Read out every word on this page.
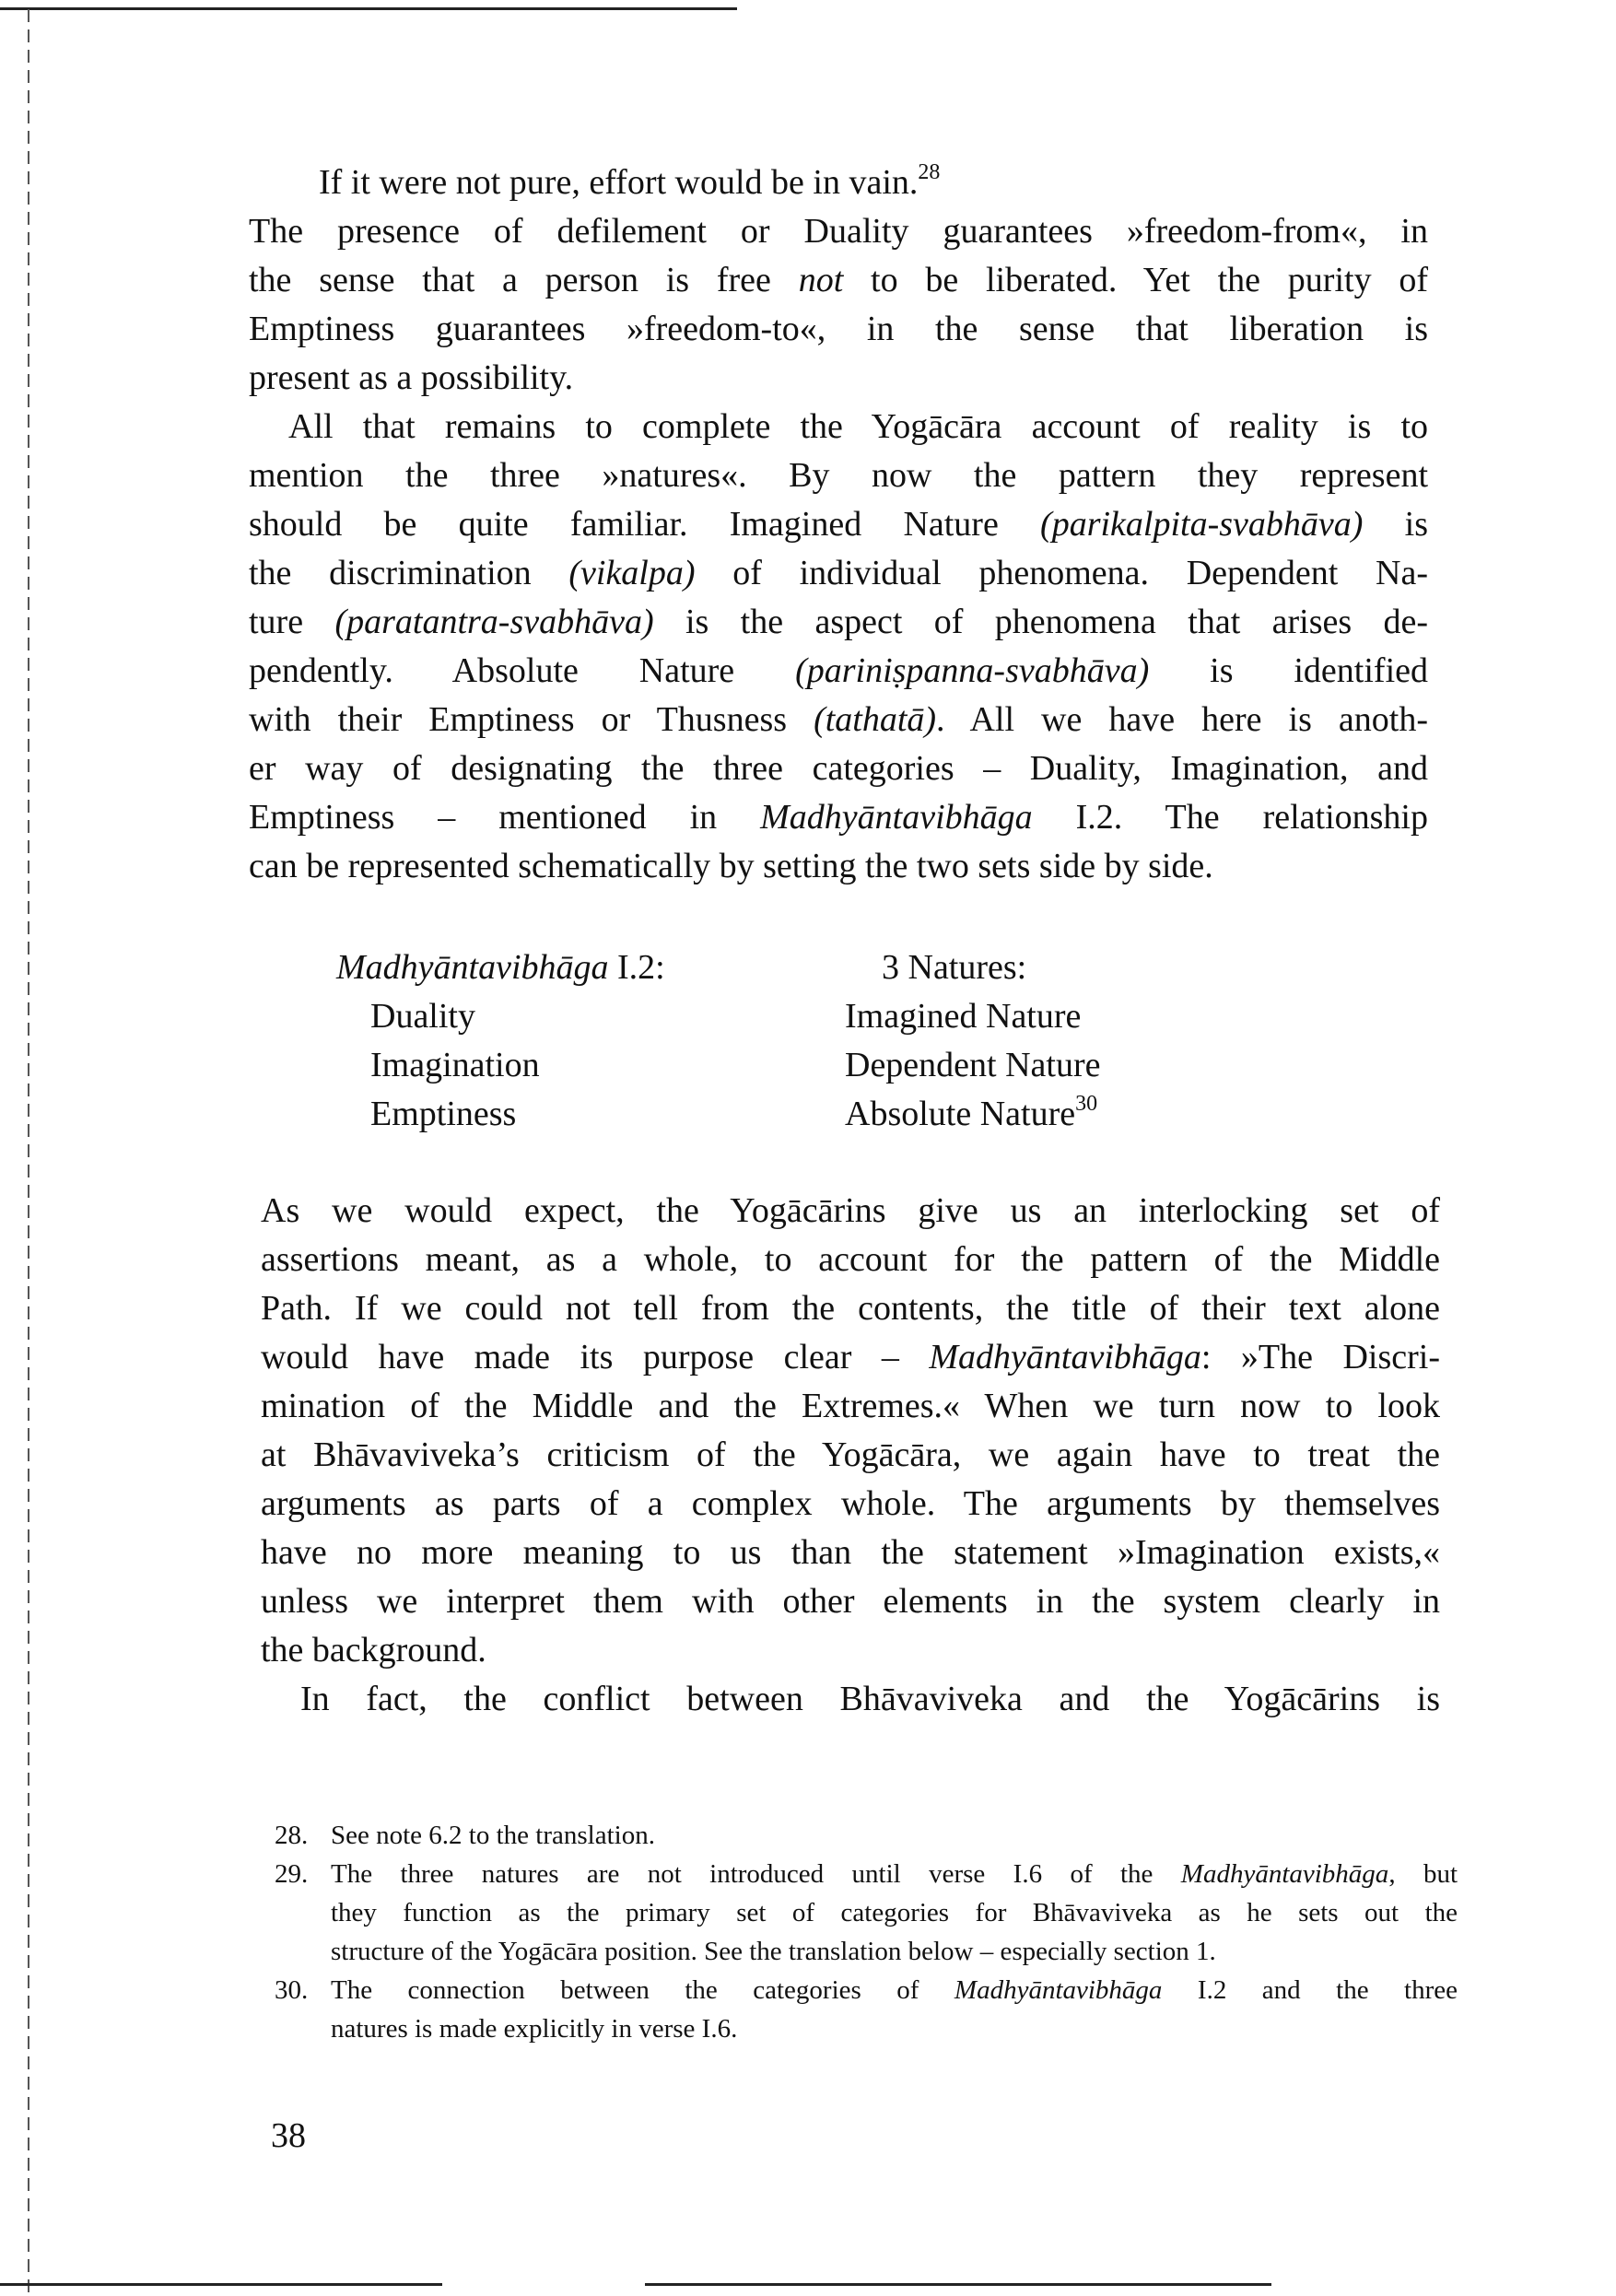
If it were not pure, effort would be in vain.$^{28}$
The presence of defilement or Duality guarantees »freedom-from«, in
the sense that a person is free not to be liberated. Yet the purity of
Emptiness guarantees »freedom-to«, in the sense that liberation is
present as a possibility.
All that remains to complete the Yogācāra account of reality is to
mention the three »natures«. By now the pattern they represent
should be quite familiar. Imagined Nature (parikalpita-svabhāva) is
the discrimination (vikalpa) of individual phenomena. Dependent Na-
ture (paratantra-svabhāva) is the aspect of phenomena that arises de-
pendently. Absolute Nature (pariniṣpanna-svabhāva) is identified
with their Emptiness or Thusness (tathatā). All we have here is anoth-
er way of designating the three categories – Duality, Imagination, and
Emptiness – mentioned in Madhyāntavibhāga I.2. The relationship
can be represented schematically by setting the two sets side by side.
Madhyāntavibhāga I.2:	3 Natures:
Duality	Imagined Nature
Imagination	Dependent Nature
Emptiness	Absolute Nature$^{30}$
As we would expect, the Yogācārins give us an interlocking set of
assertions meant, as a whole, to account for the pattern of the Middle
Path. If we could not tell from the contents, the title of their text alone
would have made its purpose clear – Madhyāntavibhāga: »The Discri-
mination of the Middle and the Extremes.« When we turn now to look
at Bhāvaviveka’s criticism of the Yogācāra, we again have to treat the
arguments as parts of a complex whole. The arguments by themselves
have no more meaning to us than the statement »Imagination exists,«
unless we interpret them with other elements in the system clearly in
the background.
In fact, the conflict between Bhāvaviveka and the Yogācārins is
28. See note 6.2 to the translation.
29. The three natures are not introduced until verse I.6 of the Madhyāntavibhāga, but
they function as the primary set of categories for Bhāvaviveka as he sets out the
structure of the Yogācāra position. See the translation below – especially section 1.
30. The connection between the categories of Madhyāntavibhāga I.2 and the three
natures is made explicitly in verse I.6.
38
